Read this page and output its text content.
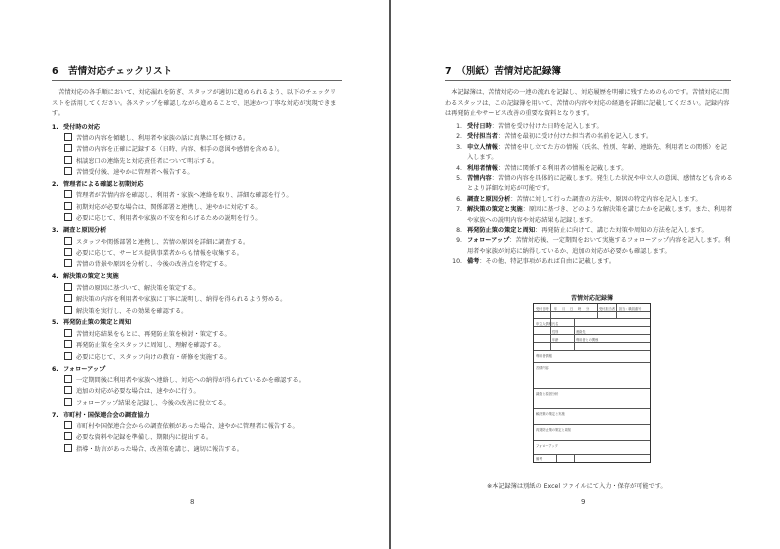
6　苦情対応チェックリスト
苦情対応の各手順において、対応漏れを防ぎ、スタッフが適切に進められるよう、以下のチェックリストを活用してください。各ステップを確認しながら進めることで、迅速かつ丁寧な対応が実現できます。
1. 受付時の対応
苦情の内容を傾聴し、利用者や家族の話に真摯に耳を傾ける。
苦情の内容を正確に記録する（日時、内容、相手の意図や感情を含める）。
相談窓口の連絡先と対応責任者について明示する。
苦情受付後、速やかに管理者へ報告する。
2. 管理者による確認と初期対応
管理者が苦情内容を確認し、利用者・家族へ連絡を取り、詳細な確認を行う。
初期対応が必要な場合は、関係部署と連携し、速やかに対応する。
必要に応じて、利用者や家族の不安を和らげるための説明を行う。
3. 調査と原因分析
スタッフや関係部署と連携し、苦情の原因を詳細に調査する。
必要に応じて、サービス提供事業者からも情報を収集する。
苦情の背景や原因を分析し、今後の改善点を特定する。
4. 解決策の策定と実施
苦情の原因に基づいて、解決策を策定する。
解決策の内容を利用者や家族に丁寧に説明し、納得を得られるよう努める。
解決策を実行し、その効果を確認する。
5. 再発防止策の策定と周知
苦情対応結果をもとに、再発防止策を検討・策定する。
再発防止策を全スタッフに周知し、理解を確認する。
必要に応じて、スタッフ向けの教育・研修を実施する。
6. フォローアップ
一定期間後に利用者や家族へ連絡し、対応への納得が得られているかを確認する。
追加の対応が必要な場合は、速やかに行う。
フォローアップ結果を記録し、今後の改善に役立てる。
7. 市町村・国保連合会の調査協力
市町村や国保連合会からの調査依頼があった場合、速やかに管理者に報告する。
必要な資料や記録を準備し、期限内に提出する。
指導・助言があった場合、改善策を講じ、適切に報告する。
8
7　（別紙）苦情対応記録簿
本記録簿は、苦情対応の一連の流れを記録し、対応履歴を明確に残すためのものです。苦情対応に関わるスタッフは、この記録簿を用いて、苦情の内容や対応の経過を詳細に記載してください。記録内容は再発防止やサービス改善の重要な資料となります。
1. 受付日時：苦情を受け付けた日時を記入します。
2. 受付担当者：苦情を最初に受け付けた担当者の名前を記入します。
3. 申立人情報：苦情を申し立てた方の情報（氏名、性別、年齢、連絡先、利用者との関係）を記入します。
4. 利用者情報：苦情に関係する利用者の情報を記載します。
5. 苦情内容：苦情の内容を具体的に記載します。発生した状況や申立人の意図、感情なども含めるとより詳細な対応が可能です。
6. 調査と原因分析：苦情に対して行った調査の方法や、原因の特定内容を記入します。
7. 解決策の策定と実施：原因に基づき、どのような解決策を講じたかを記載します。また、利用者や家族への説明内容や対応結果も記録します。
8. 再発防止策の策定と周知：再発防止に向けて、講じた対策や周知の方法を記入します。
9. フォローアップ：苦情対応後、一定期間をおいて実施するフォローアップ内容を記入します。利用者や家族が対応に納得しているか、追加の対応が必要かも確認します。
10. 備考：その他、特記事項があれば自由に記載します。
苦情対応記録簿
受付日時 年 月 日 時 分	受付担当者 担当：職員番号
申立人情報 氏名
性別
年齢
連絡先
利用者との関係
利用者情報
苦情内容
調査と原因分析
解決策の策定と実施
再発防止策の策定と周知
フォローアップ
備考
※本記録簿は別紙の Excel ファイルにて入力・保存が可能です。
9
